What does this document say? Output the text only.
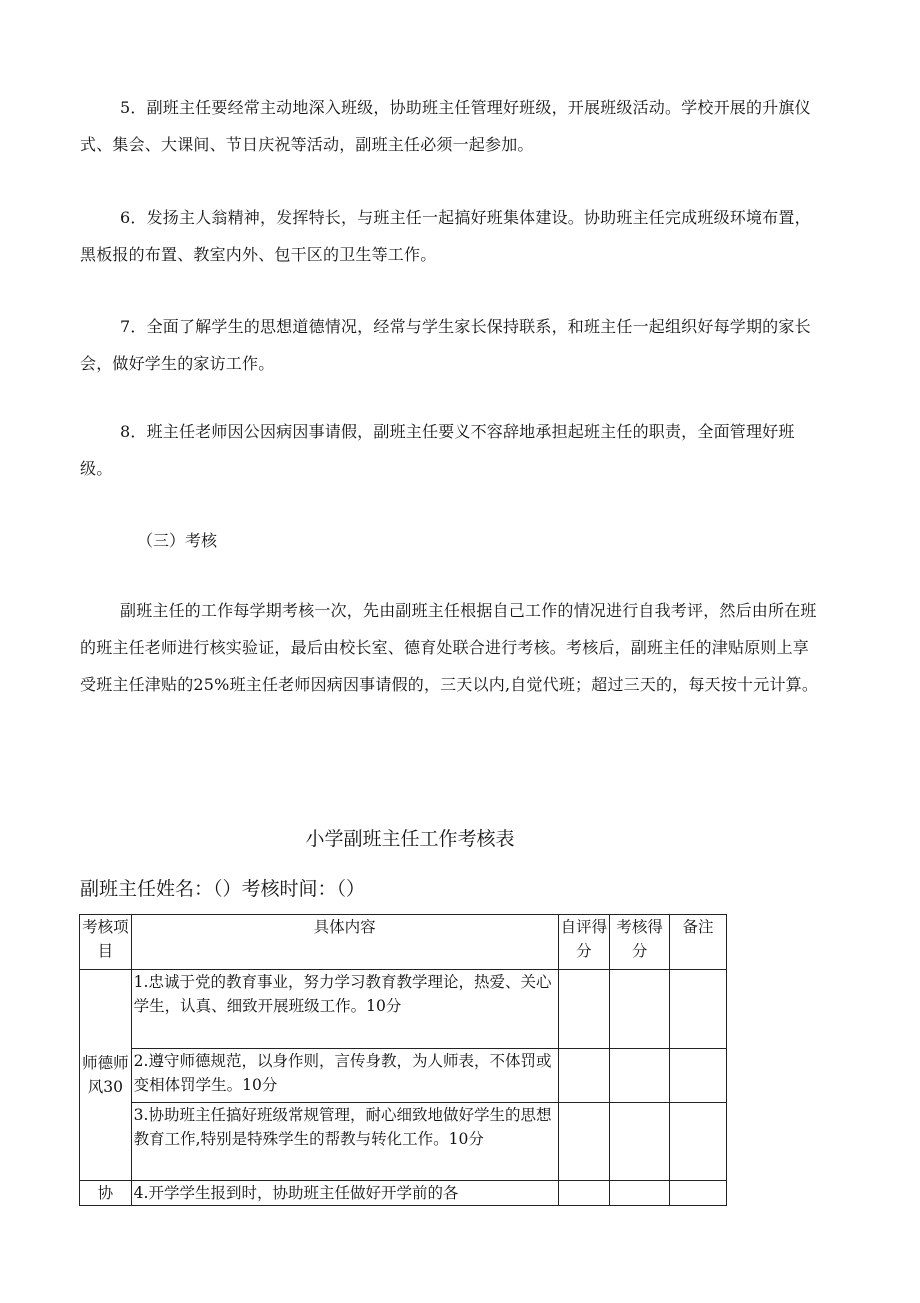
5．副班主任要经常主动地深入班级，协助班主任管理好班级，开展班级活动。学校开展的升旗仪式、集会、大课间、节日庆祝等活动，副班主任必须一起参加。

6．发扬主人翁精神，发挥特长，与班主任一起搞好班集体建设。协助班主任完成班级环境布置，黑板报的布置、教室内外、包干区的卫生等工作。

7．全面了解学生的思想道德情况，经常与学生家长保持联系，和班主任一起组织好每学期的家长会，做好学生的家访工作。

8．班主任老师因公因病因事请假，副班主任要义不容辞地承担起班主任的职责，全面管理好班级。

（三）考核

副班主任的工作每学期考核一次，先由副班主任根据自己工作的情况进行自我考评，然后由所在班的班主任老师进行核实验证，最后由校长室、德育处联合进行考核。考核后，副班主任的津贴原则上享受班主任津贴的25%班主任老师因病因事请假的，三天以内,自觉代班；超过三天的，每天按十元计算。

小学副班主任工作考核表

副班主任姓名：（）考核时间：（）

考核项目	具体内容	自评得分	考核得分	备注
师德师风30	1.忠诚于党的教育事业，努力学习教育教学理论，热爱、关心学生，认真、细致开展班级工作。10分			
	2.遵守师德规范，以身作则，言传身教，为人师表，不体罚或变相体罚学生。10分			
	3.协助班主任搞好班级常规管理，耐心细致地做好学生的思想教育工作,特别是特殊学生的帮教与转化工作。10分			
协	4.开学学生报到时，协助班主任做好开学前的各			
